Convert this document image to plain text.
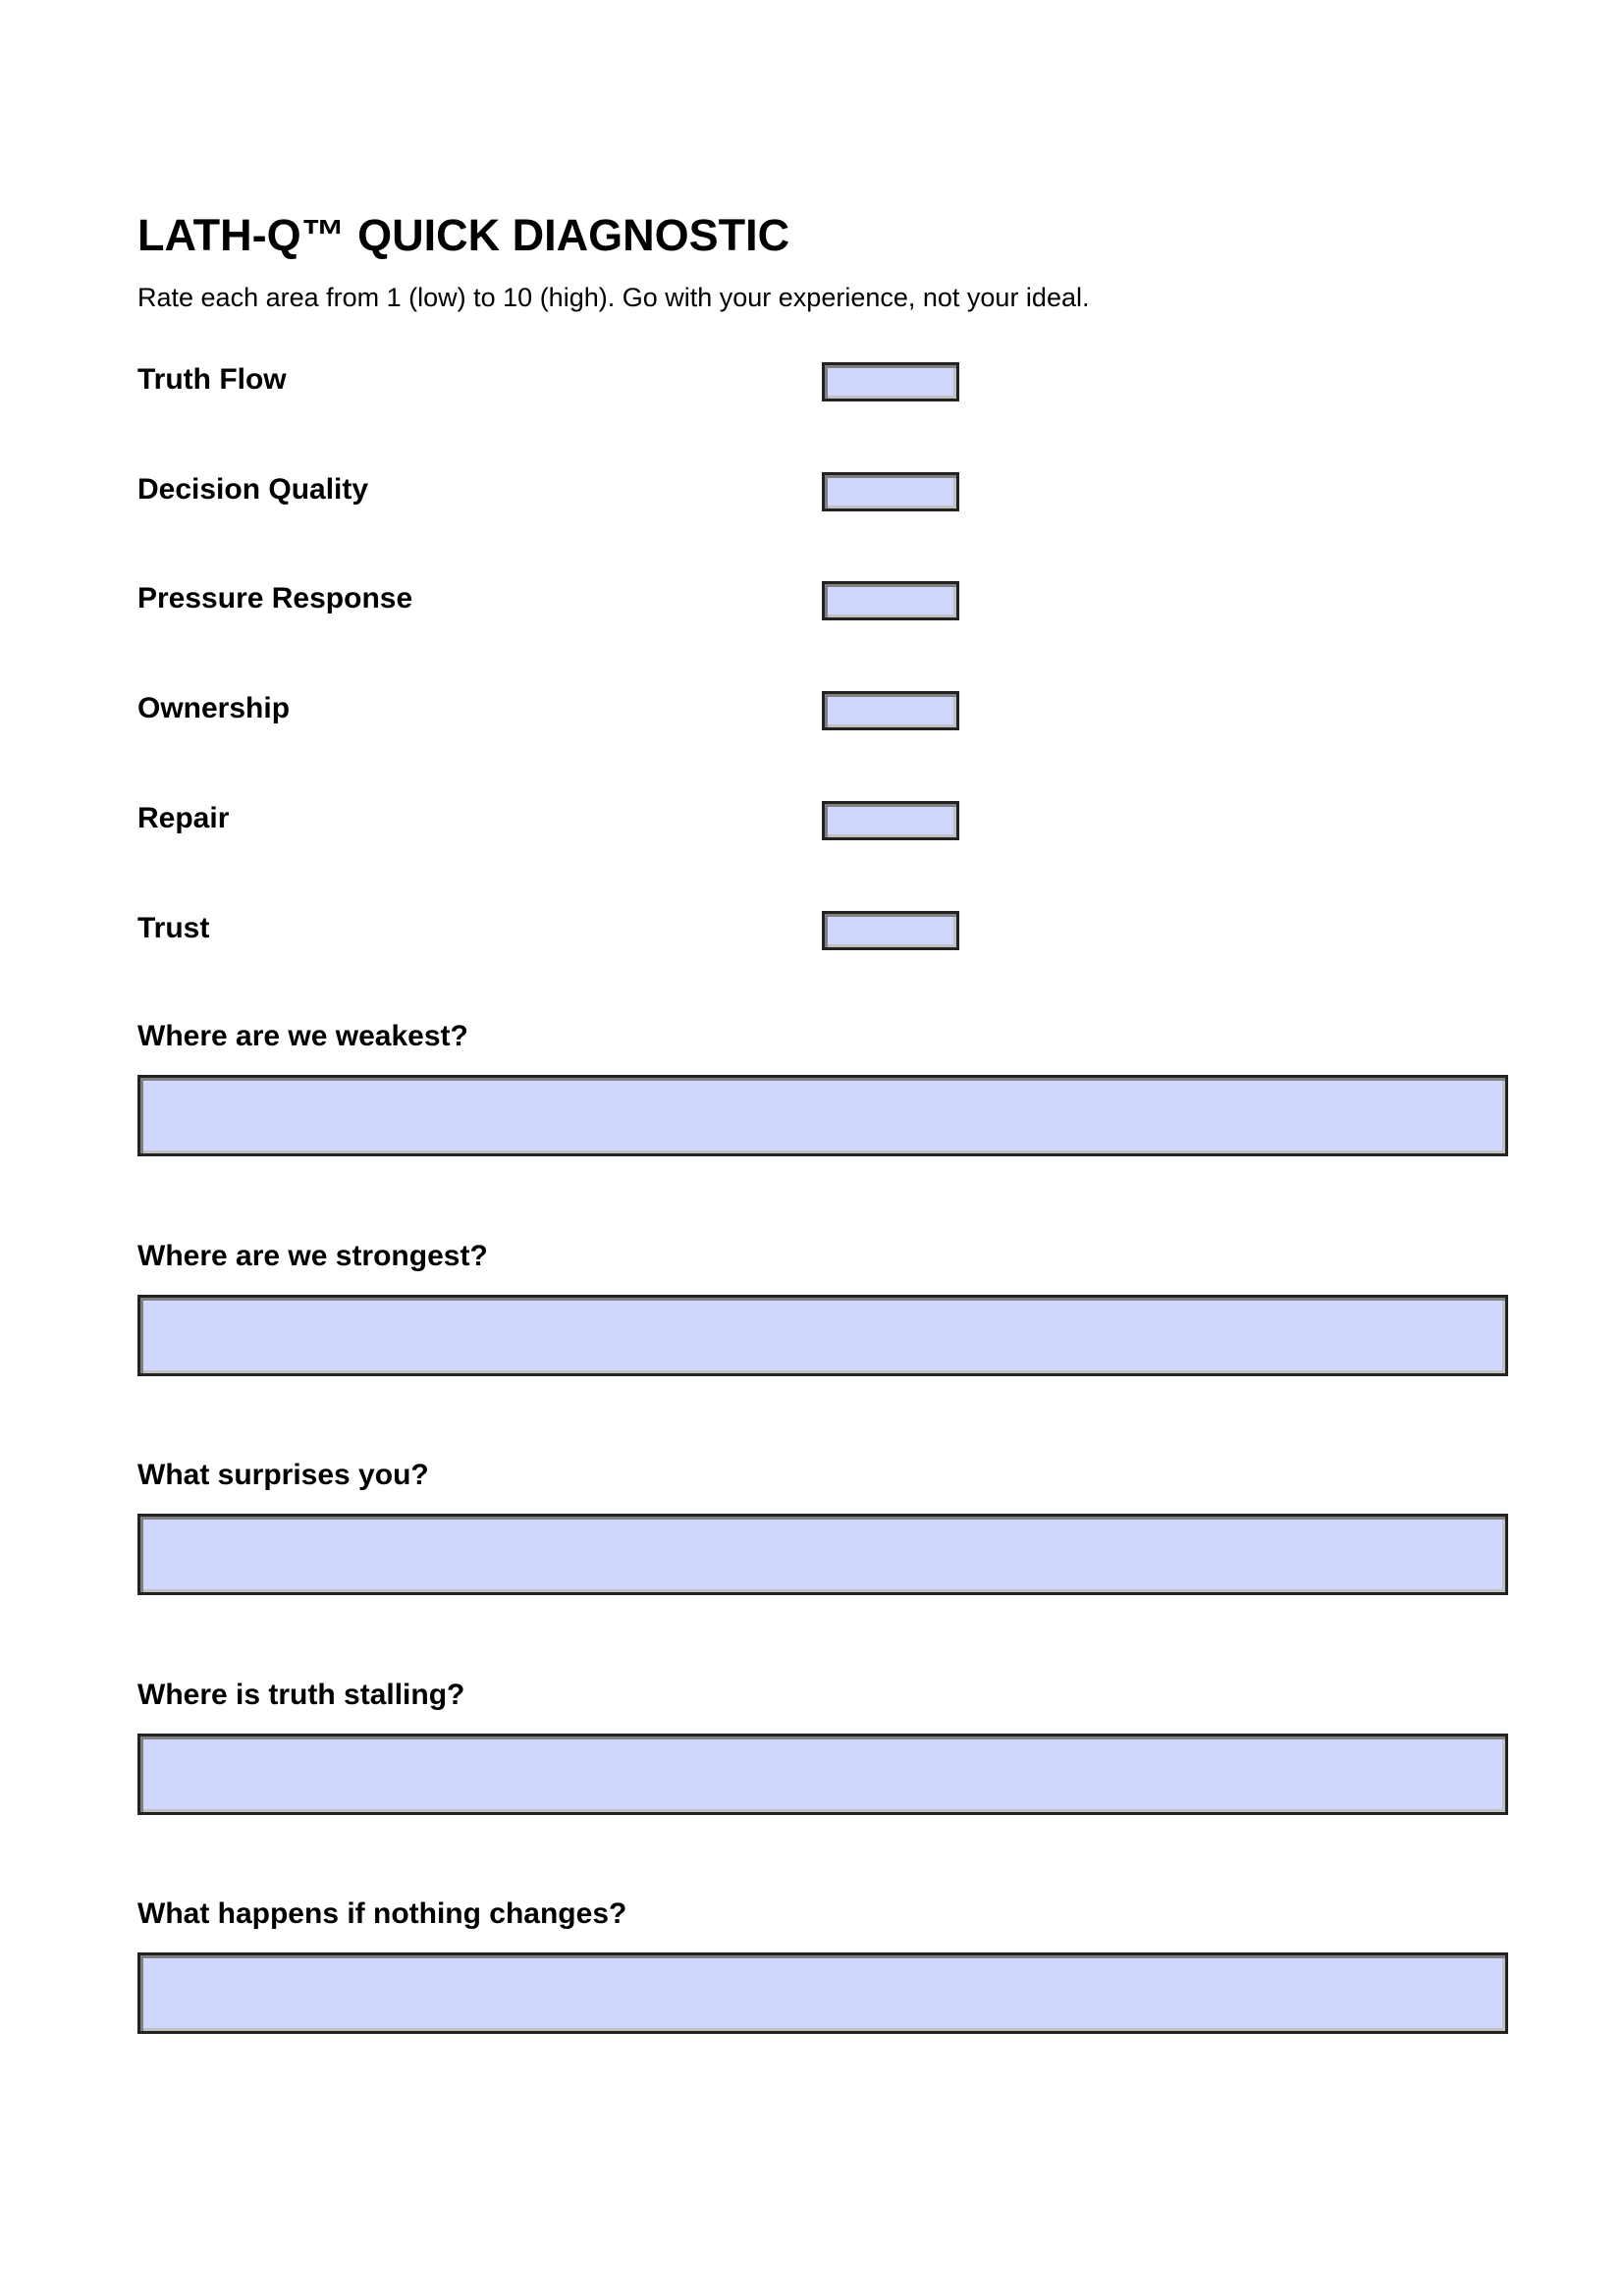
LATH-Q™ QUICK DIAGNOSTIC
Rate each area from 1 (low) to 10 (high). Go with your experience, not your ideal.
Truth Flow
Decision Quality
Pressure Response
Ownership
Repair
Trust
Where are we weakest?
Where are we strongest?
What surprises you?
Where is truth stalling?
What happens if nothing changes?
